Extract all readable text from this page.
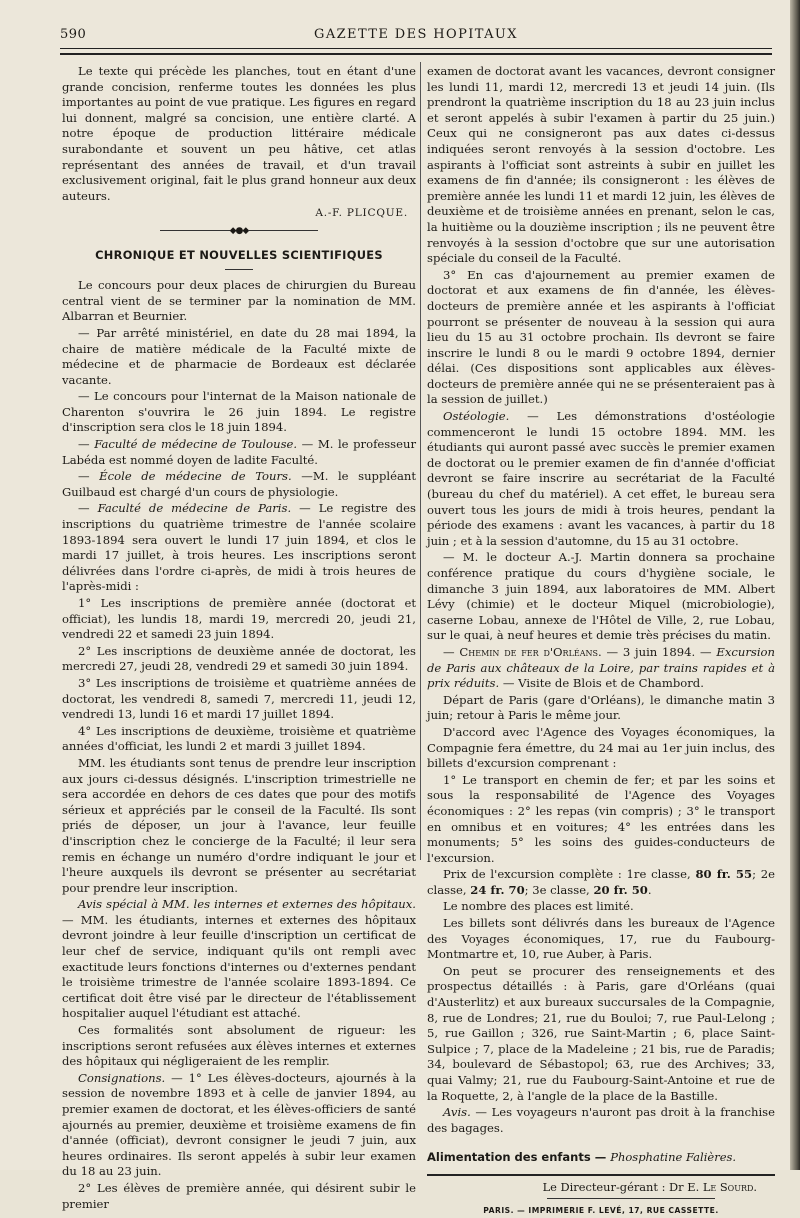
590	GAZETTE DES HOPITAUX

Le texte qui précède les planches, tout en étant d'une grande concision, renferme toutes les données les plus importantes au point de vue pratique. Les figures en regard lui donnent, malgré sa concision, une entière clarté. A notre époque de production littéraire médicale surabondante et souvent un peu hâtive, cet atlas représentant des années de travail, et d'un travail exclusivement original, fait le plus grand honneur aux deux auteurs.

A.-F. PLICQUE.
◆●◆
CHRONIQUE ET NOUVELLES SCIENTIFIQUES

Le concours pour deux places de chirurgien du Bureau central vient de se terminer par la nomination de MM. Albarran et Beurnier.

— Par arrêté ministériel, en date du 28 mai 1894, la chaire de matière médicale de la Faculté mixte de médecine et de pharmacie de Bordeaux est déclarée vacante.

— Le concours pour l'internat de la Maison nationale de Charenton s'ouvrira le 26 juin 1894. Le registre d'inscription sera clos le 18 juin 1894.

— Faculté de médecine de Toulouse. — M. le professeur Labéda est nommé doyen de ladite Faculté.

— École de médecine de Tours. —M. le suppléant Guilbaud est chargé d'un cours de physiologie.

— Faculté de médecine de Paris. — Le registre des inscriptions du quatrième trimestre de l'année scolaire 1893-1894 sera ouvert le lundi 17 juin 1894, et clos le mardi 17 juillet, à trois heures. Les inscriptions seront délivrées dans l'ordre ci-après, de midi à trois heures de l'après-midi :

1° Les inscriptions de première année (doctorat et officiat), les lundis 18, mardi 19, mercredi 20, jeudi 21, vendredi 22 et samedi 23 juin 1894.

2° Les inscriptions de deuxième année de doctorat, les mercredi 27, jeudi 28, vendredi 29 et samedi 30 juin 1894.

3° Les inscriptions de troisième et quatrième années de doctorat, les vendredi 8, samedi 7, mercredi 11, jeudi 12, vendredi 13, lundi 16 et mardi 17 juillet 1894.

4° Les inscriptions de deuxième, troisième et quatrième années d'officiat, les lundi 2 et mardi 3 juillet 1894.

MM. les étudiants sont tenus de prendre leur inscription aux jours ci-dessus désignés. L'inscription trimestrielle ne sera accordée en dehors de ces dates que pour des motifs sérieux et appréciés par le conseil de la Faculté. Ils sont priés de déposer, un jour à l'avance, leur feuille d'inscription chez le concierge de la Faculté; il leur sera remis en échange un numéro d'ordre indiquant le jour et l'heure auxquels ils devront se présenter au secrétariat pour prendre leur inscription.

Avis spécial à MM. les internes et externes des hôpitaux. — MM. les étudiants, internes et externes des hôpitaux devront joindre à leur feuille d'inscription un certificat de leur chef de service, indiquant qu'ils ont rempli avec exactitude leurs fonctions d'internes ou d'externes pendant le troisième trimestre de l'année scolaire 1893-1894. Ce certificat doit être visé par le directeur de l'établissement hospitalier auquel l'étudiant est attaché.

Ces formalités sont absolument de rigueur: les inscriptions seront refusées aux élèves internes et externes des hôpitaux qui négligeraient de les remplir.

Consignations. — 1° Les élèves-docteurs, ajournés à la session de novembre 1893 et à celle de janvier 1894, au premier examen de doctorat, et les élèves-officiers de santé ajournés au premier, deuxième et troisième examens de fin d'année (officiat), devront consigner le jeudi 7 juin, aux heures ordinaires. Ils seront appelés à subir leur examen du 18 au 23 juin.

2° Les élèves de première année, qui désirent subir le premier

examen de doctorat avant les vacances, devront consigner les lundi 11, mardi 12, mercredi 13 et jeudi 14 juin. (Ils prendront la quatrième inscription du 18 au 23 juin inclus et seront appelés à subir l'examen à partir du 25 juin.) Ceux qui ne consigneront pas aux dates ci-dessus indiquées seront renvoyés à la session d'octobre. Les aspirants à l'officiat sont astreints à subir en juillet les examens de fin d'année; ils consigneront : les élèves de première année les lundi 11 et mardi 12 juin, les élèves de deuxième et de troisième années en prenant, selon le cas, la huitième ou la douzième inscription ; ils ne peuvent être renvoyés à la session d'octobre que sur une autorisation spéciale du conseil de la Faculté.

3° En cas d'ajournement au premier examen de doctorat et aux examens de fin d'année, les élèves-docteurs de première année et les aspirants à l'officiat pourront se présenter de nouveau à la session qui aura lieu du 15 au 31 octobre prochain. Ils devront se faire inscrire le lundi 8 ou le mardi 9 octobre 1894, dernier délai. (Ces dispositions sont applicables aux élèves-docteurs de première année qui ne se présenteraient pas à la session de juillet.)

Ostéologie. — Les démonstrations d'ostéologie commenceront le lundi 15 octobre 1894. MM. les étudiants qui auront passé avec succès le premier examen de doctorat ou le premier examen de fin d'année d'officiat devront se faire inscrire au secrétariat de la Faculté (bureau du chef du matériel). A cet effet, le bureau sera ouvert tous les jours de midi à trois heures, pendant la période des examens : avant les vacances, à partir du 18 juin ; et à la session d'automne, du 15 au 31 octobre.

— M. le docteur A.-J. Martin donnera sa prochaine conférence pratique du cours d'hygiène sociale, le dimanche 3 juin 1894, aux laboratoires de MM. Albert Lévy (chimie) et le docteur Miquel (microbiologie), caserne Lobau, annexe de l'Hôtel de Ville, 2, rue Lobau, sur le quai, à neuf heures et demie très précises du matin.

— Chemin de fer d'Orléans. — 3 juin 1894. — Excursion de Paris aux châteaux de la Loire, par trains rapides et à prix réduits. — Visite de Blois et de Chambord.

Départ de Paris (gare d'Orléans), le dimanche matin 3 juin; retour à Paris le même jour.

D'accord avec l'Agence des Voyages économiques, la Compagnie fera émettre, du 24 mai au 1er juin inclus, des billets d'excursion comprenant :

1° Le transport en chemin de fer; et par les soins et sous la responsabilité de l'Agence des Voyages économiques : 2° les repas (vin compris) ; 3° le transport en omnibus et en voitures; 4° les entrées dans les monuments; 5° les soins des guides-conducteurs de l'excursion.

Prix de l'excursion complète : 1re classe, 80 fr. 55; 2e classe, 24 fr. 70; 3e classe, 20 fr. 50.

Le nombre des places est limité.

Les billets sont délivrés dans les bureaux de l'Agence des Voyages économiques, 17, rue du Faubourg-Montmartre et, 10, rue Auber, à Paris.

On peut se procurer des renseignements et des prospectus détaillés : à Paris, gare d'Orléans (quai d'Austerlitz) et aux bureaux succursales de la Compagnie, 8, rue de Londres; 21, rue du Bouloi; 7, rue Paul-Lelong ; 5, rue Gaillon ; 326, rue Saint-Martin ; 6, place Saint-Sulpice ; 7, place de la Madeleine ; 21 bis, rue de Paradis; 34, boulevard de Sébastopol; 63, rue des Archives; 33, quai Valmy; 21, rue du Faubourg-Saint-Antoine et rue de la Roquette, 2, à l'angle de la place de la Bastille.

Avis. — Les voyageurs n'auront pas droit à la franchise des bagages.

Alimentation des enfants — Phosphatine Falières.
Le Directeur-gérant : Dr E. Le Sourd.
PARIS. — IMPRIMERIE F. LEVÉ, 17, RUE CASSETTE.
